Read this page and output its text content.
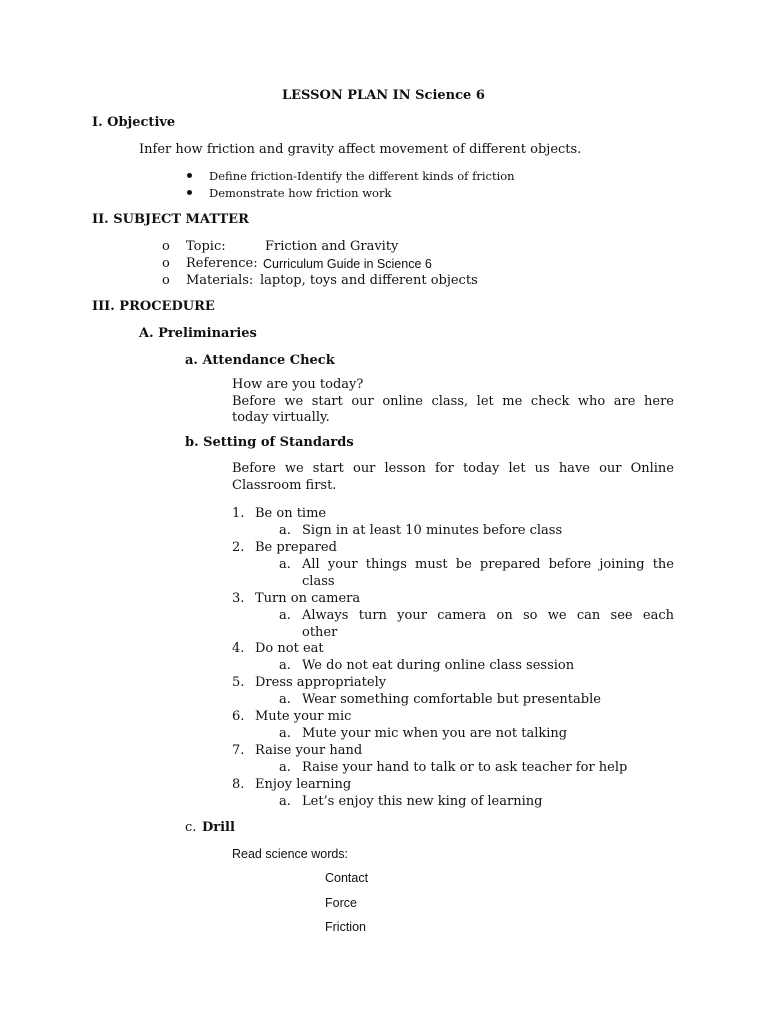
LESSON PLAN IN Science 6
I. Objective
Infer how friction and gravity affect movement of different objects.
Define friction-Identify the different kinds of friction
Demonstrate how friction work
II. SUBJECT MATTER
o Topic:	Friction and Gravity
o Reference: Curriculum Guide in Science 6
o Materials: laptop, toys and different objects
III. PROCEDURE
A. Preliminaries
a. Attendance Check
How are you today?
Before we start our online class, let me check who are here
today virtually.
b. Setting of Standards
Before we start our lesson for today let us have our Online
Classroom first.
1. Be on time
a. Sign in at least 10 minutes before class
2. Be prepared
a. All your things must be prepared before joining the
class
3. Turn on camera
a. Always turn your camera on so we can see each
other
4. Do not eat
a. We do not eat during online class session
5. Dress appropriately
a. Wear something comfortable but presentable
6. Mute your mic
a. Mute your mic when you are not talking
7. Raise your hand
a. Raise your hand to talk or to ask teacher for help
8. Enjoy learning
a. Let’s enjoy this new king of learning
c. Drill
Read science words:
Contact
Force
Friction
